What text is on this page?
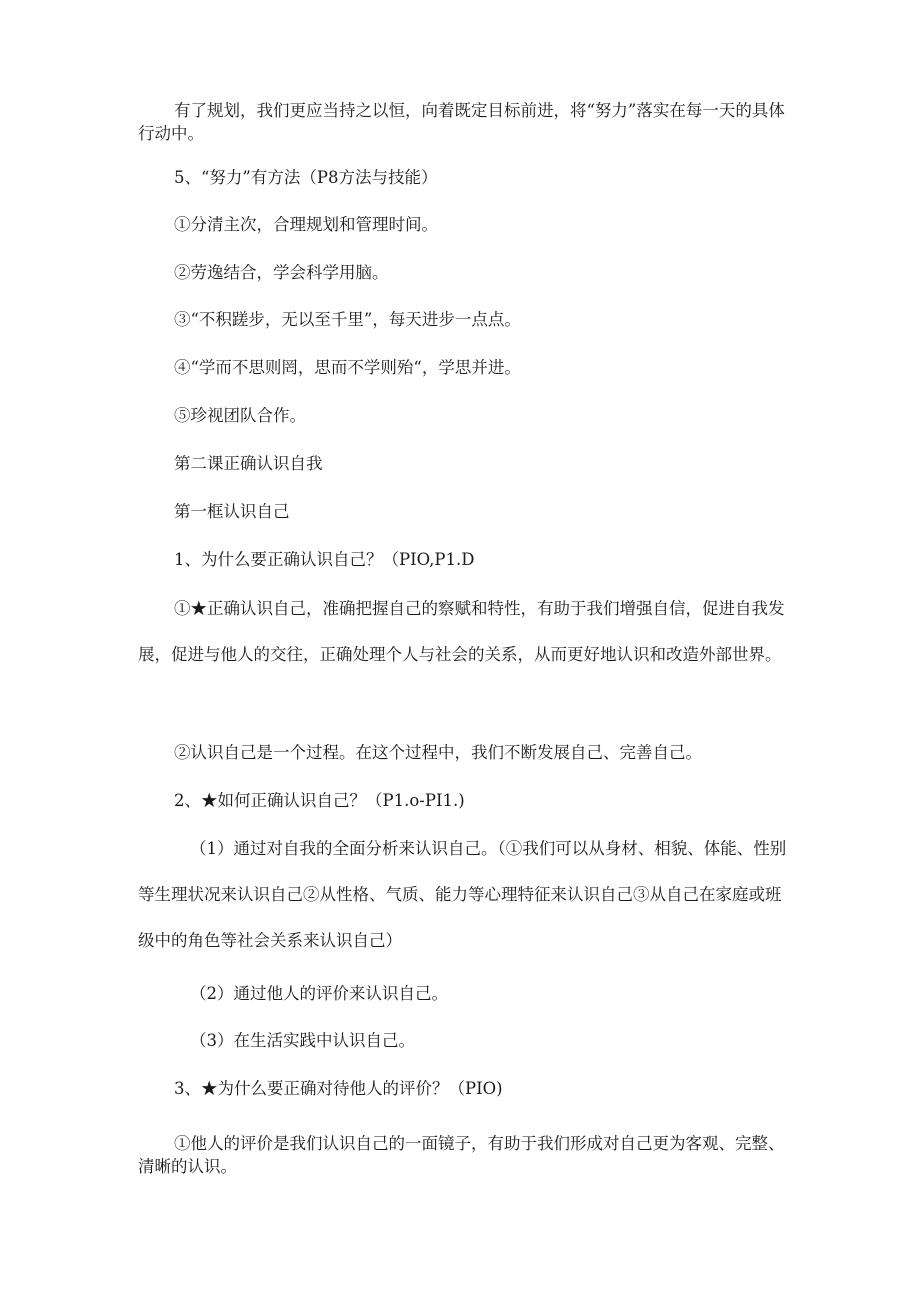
有了规划，我们更应当持之以恒，向着既定目标前进，将“努力”落实在每一天的具体行动中。
5、“努力”有方法（P8方法与技能）
①分清主次，合理规划和管理时间。
②劳逸结合，学会科学用脑。
③“不积蹉步，无以至千里”，每天进步一点点。
④“学而不思则罔，思而不学则殆“，学思并进。
⑤珍视团队合作。
第二课正确认识自我
第一框认识自己
1、为什么要正确认识自己？（PIO,P1.D
①★正确认识自己，准确把握自己的察赋和特性，有助于我们增强自信，促进自我发展，促进与他人的交往，正确处理个人与社会的关系，从而更好地认识和改造外部世界。
②认识自己是一个过程。在这个过程中，我们不断发展自己、完善自己。
2、★如何正确认识自己？（P1.o-PI1.)
（1）通过对自我的全面分析来认识自己。（①我们可以从身材、相貌、体能、性别等生理状况来认识自己②从性格、气质、能力等心理特征来认识自己③从自己在家庭或班级中的角色等社会关系来认识自己）
（2）通过他人的评价来认识自己。
（3）在生活实践中认识自己。
3、★为什么要正确对待他人的评价？（PIO)
①他人的评价是我们认识自己的一面镜子，有助于我们形成对自己更为客观、完整、清晰的认识。
